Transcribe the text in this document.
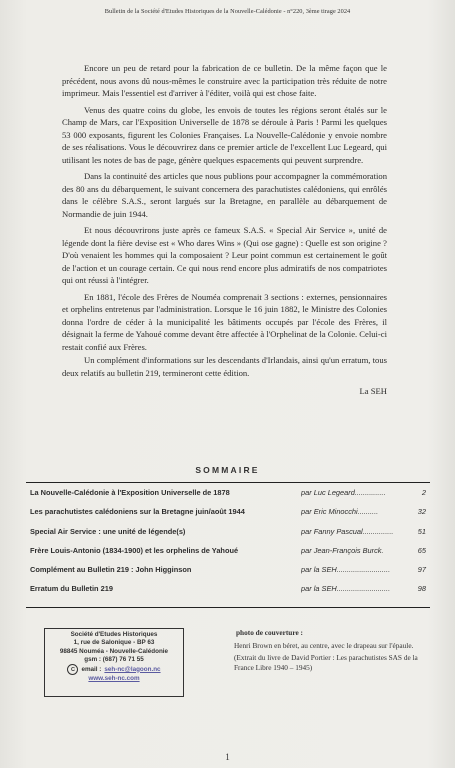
Bulletin de la Société d'Etudes Historiques de la Nouvelle-Calédonie - n°220, 3ème tirage 2024

Encore un peu de retard pour la fabrication de ce bulletin. De la même façon que le précédent, nous avons dû nous-mêmes le construire avec la participation très réduite de notre imprimeur. Mais l'essentiel est d'arriver à l'éditer, voilà qui est chose faite.

Venus des quatre coins du globe, les envois de toutes les régions seront étalés sur le Champ de Mars, car l'Exposition Universelle de 1878 se déroule à Paris ! Parmi les quelques 53 000 exposants, figurent les Colonies Françaises. La Nouvelle-Calédonie y envoie nombre de ses réalisations. Vous le découvrirez dans ce premier article de l'excellent Luc Legeard, qui utilisant les notes de bas de page, génère quelques espacements qui peuvent surprendre.

Dans la continuité des articles que nous publions pour accompagner la commémoration des 80 ans du débarquement, le suivant concernera des parachutistes calédoniens, qui enrôlés dans le célèbre S.A.S., seront largués sur la Bretagne, en parallèle au débarquement de Normandie de juin 1944.

Et nous découvrirons juste après ce fameux S.A.S. « Special Air Service », unité de légende dont la fière devise est « Who dares Wins » (Qui ose gagne) : Quelle est son origine ? D'où venaient les hommes qui la composaient ? Leur point commun est certainement le goût de l'action et un courage certain. Ce qui nous rend encore plus admiratifs de nos compatriotes qui ont réussi à l'intégrer.

En 1881, l'école des Frères de Nouméa comprenait 3 sections : externes, pensionnaires et orphelins entretenus par l'administration. Lorsque le 16 juin 1882, le Ministre des Colonies donna l'ordre de céder à la municipalité les bâtiments occupés par l'école des Frères, il désignait la ferme de Yahoué comme devant être affectée à l'Orphelinat de la Colonie. Celui-ci restait confié aux Frères.

Un complément d'informations sur les descendants d'Irlandais, ainsi qu'un erratum, tous deux relatifs au bulletin 219, termineront cette édition.

La SEH
SOMMAIRE
La Nouvelle-Calédonie à l'Exposition Universelle de 1878	par Luc Legeard...............	2
Les parachutistes calédoniens sur la Bretagne juin/août 1944	par Eric Minocchi..........	32
Special Air Service : une unité de légende(s)	par Fanny Pascual...............	51
Frère Louis-Antonio (1834-1900) et les orphelins de Yahoué	par Jean-François Burck.	65
Complément au Bulletin 219 : John Higginson	par la SEH..........................	97
Erratum du Bulletin 219	par la SEH..........................	98
Société d'Etudes Historiques
1, rue de Salonique - BP 63
98845 Nouméa - Nouvelle-Calédonie
gsm : (687) 76 71 55
C	email : seh-nc@lagoon.nc
www.seh-nc.com
photo de couverture :

Henri Brown en béret, au centre, avec le drapeau sur l'épaule.

(Extrait du livre de David Portier : Les parachutistes SAS de la France Libre 1940 – 1945)

1
